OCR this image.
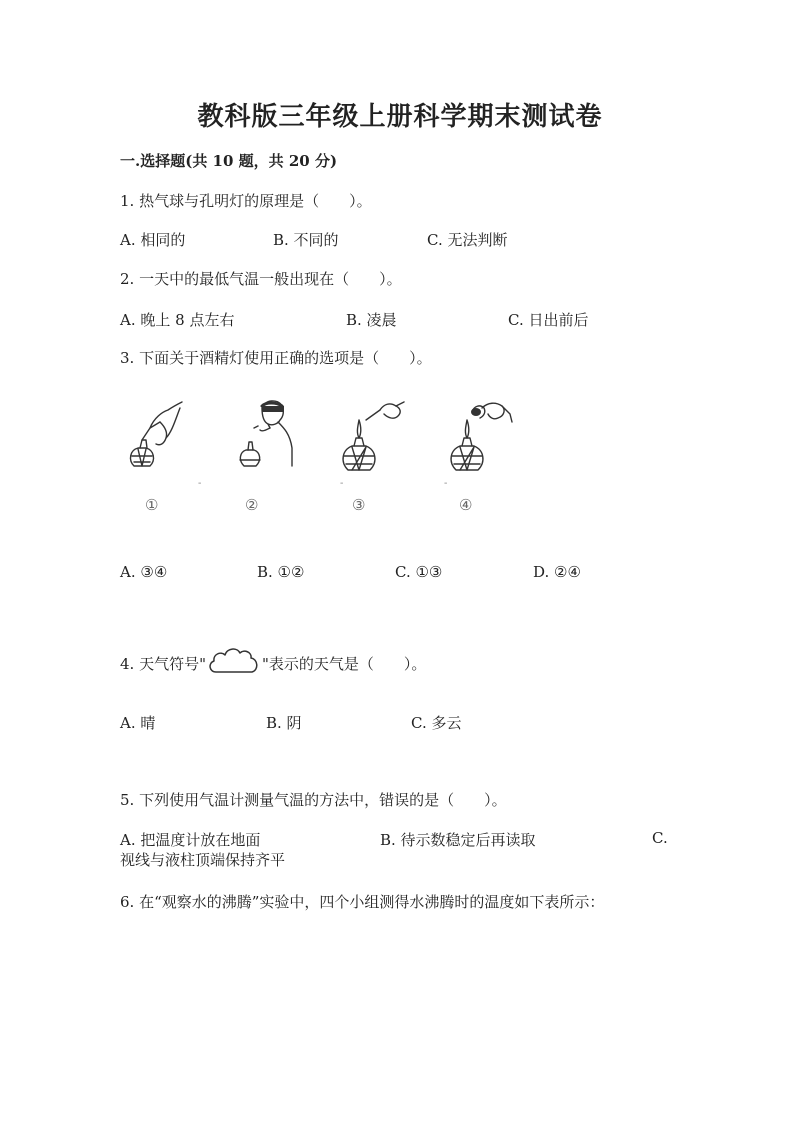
教科版三年级上册科学期末测试卷
一.选择题(共 10 题，共 20 分)
1. 热气球与孔明灯的原理是（　　）。
A. 相同的	B. 不同的	C. 无法判断
2. 一天中的最低气温一般出现在（　　）。
A. 晚上 8 点左右	B. 凌晨	C. 日出前后
3. 下面关于酒精灯使用正确的选项是（　　）。
-	-	-
①	②	③	④
A. ③④	B. ①②	C. ①③	D. ②④
4. 天气符号"	"表示的天气是（　　）。
A. 晴	B. 阴	C. 多云
5. 下列使用气温计测量气温的方法中，错误的是（　　）。
A. 把温度计放在地面	B. 待示数稳定后再读取	C.
视线与液柱顶端保持齐平
6. 在“观察水的沸腾”实验中，四个小组测得水沸腾时的温度如下表所示：
